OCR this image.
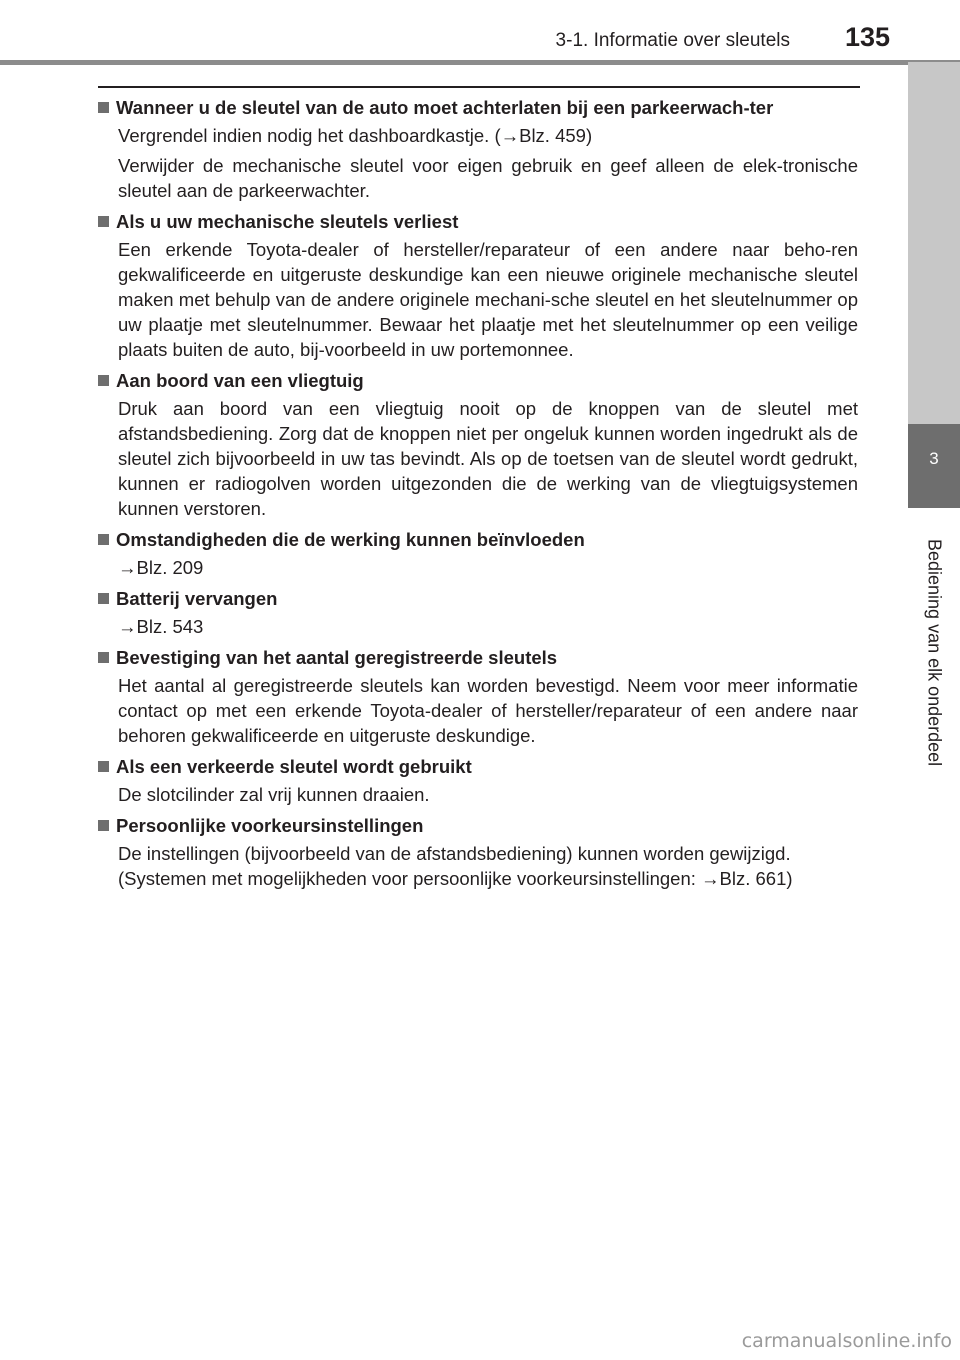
3-1. Informatie over sleutels 135
3
Bediening van elk onderdeel
Wanneer u de sleutel van de auto moet achterlaten bij een parkeerwach-ter

Vergrendel indien nodig het dashboardkastje. (→Blz. 459)

Verwijder de mechanische sleutel voor eigen gebruik en geef alleen de elek-tronische sleutel aan de parkeerwachter.

Als u uw mechanische sleutels verliest

Een erkende Toyota-dealer of hersteller/reparateur of een andere naar beho-ren gekwalificeerde en uitgeruste deskundige kan een nieuwe originele mechanische sleutel maken met behulp van de andere originele mechani-sche sleutel en het sleutelnummer op uw plaatje met sleutelnummer. Bewaar het plaatje met het sleutelnummer op een veilige plaats buiten de auto, bij-voorbeeld in uw portemonnee.

Aan boord van een vliegtuig

Druk aan boord van een vliegtuig nooit op de knoppen van de sleutel met afstandsbediening. Zorg dat de knoppen niet per ongeluk kunnen worden ingedrukt als de sleutel zich bijvoorbeeld in uw tas bevindt. Als op de toetsen van de sleutel wordt gedrukt, kunnen er radiogolven worden uitgezonden die de werking van de vliegtuigsystemen kunnen verstoren.

Omstandigheden die de werking kunnen beïnvloeden

→Blz. 209

Batterij vervangen

→Blz. 543

Bevestiging van het aantal geregistreerde sleutels

Het aantal al geregistreerde sleutels kan worden bevestigd. Neem voor meer informatie contact op met een erkende Toyota-dealer of hersteller/reparateur of een andere naar behoren gekwalificeerde en uitgeruste deskundige.

Als een verkeerde sleutel wordt gebruikt

De slotcilinder zal vrij kunnen draaien.

Persoonlijke voorkeursinstellingen

De instellingen (bijvoorbeeld van de afstandsbediening) kunnen worden gewijzigd.

(Systemen met mogelijkheden voor persoonlijke voorkeursinstellingen: →Blz. 661)

carmanualsonline.info
